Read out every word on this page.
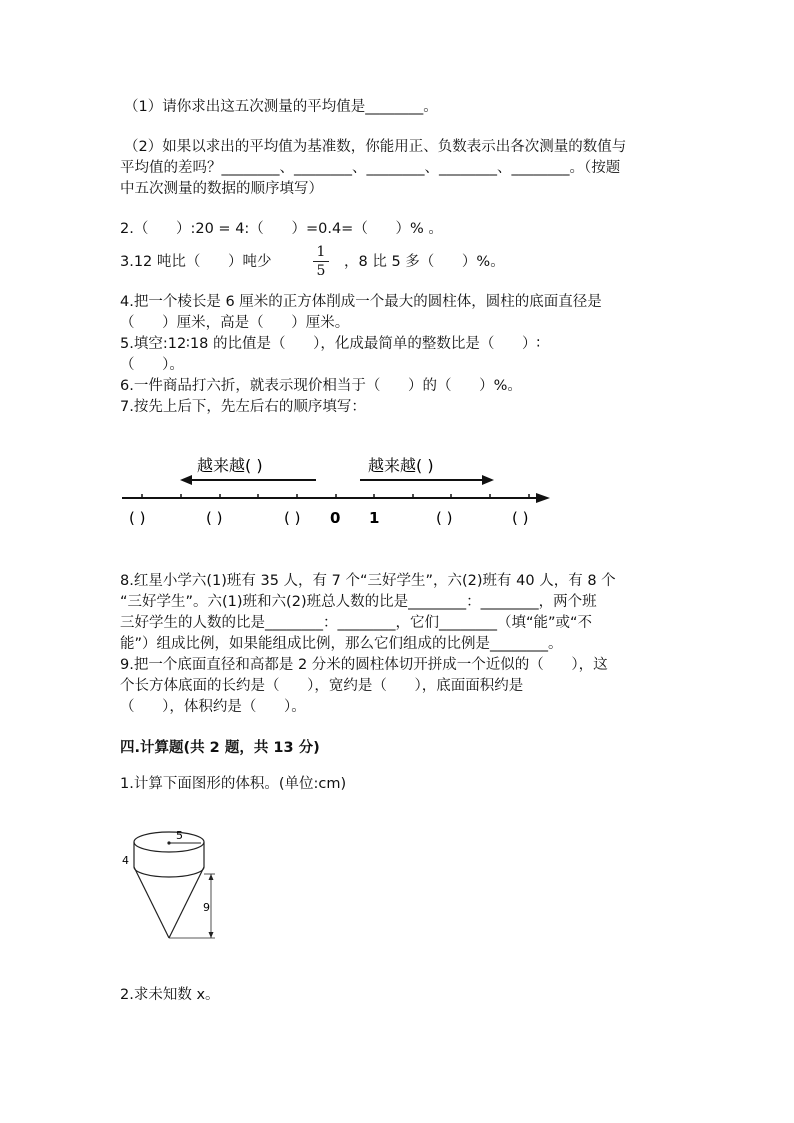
（1）请你求出这五次测量的平均值是________。
（2）如果以求出的平均值为基准数，你能用正、负数表示出各次测量的数值与
平均值的差吗？________、________、________、________、________。（按题
中五次测量的数据的顺序填写）
2.（      ）:20 = 4:（      ）=0.4=（      ）% 。
3.12 吨比（      ）吨少
1
5
，8 比 5 多（      ）%。
4.把一个棱长是 6 厘米的正方体削成一个最大的圆柱体，圆柱的底面直径是
（      ）厘米，高是（      ）厘米。
5.填空:12∶18 的比值是（      ），化成最简单的整数比是（      ）∶
（      ）。
6.一件商品打六折，就表示现价相当于（      ）的（      ）%。
7.按先上后下，先左后右的顺序填写：
越来越( )	越来越( )
( )	( )	( ) 0 1	( )	( )
8.红星小学六(1)班有 35 人，有 7 个“三好学生”，六(2)班有 40 人，有 8 个
“三好学生”。六(1)班和六(2)班总人数的比是________：________，两个班
三好学生的人数的比是________：________，它们________（填“能”或“不
能”）组成比例，如果能组成比例，那么它们组成的比例是________。
9.把一个底面直径和高都是 2 分米的圆柱体切开拼成一个近似的（      ），这
个长方体底面的长约是（      ），宽约是（      ），底面面积约是
（      ），体积约是（      ）。
四.计算题(共 2 题，共 13 分)
1.计算下面图形的体积。(单位:cm)
5
4
9
2.求未知数 x。
